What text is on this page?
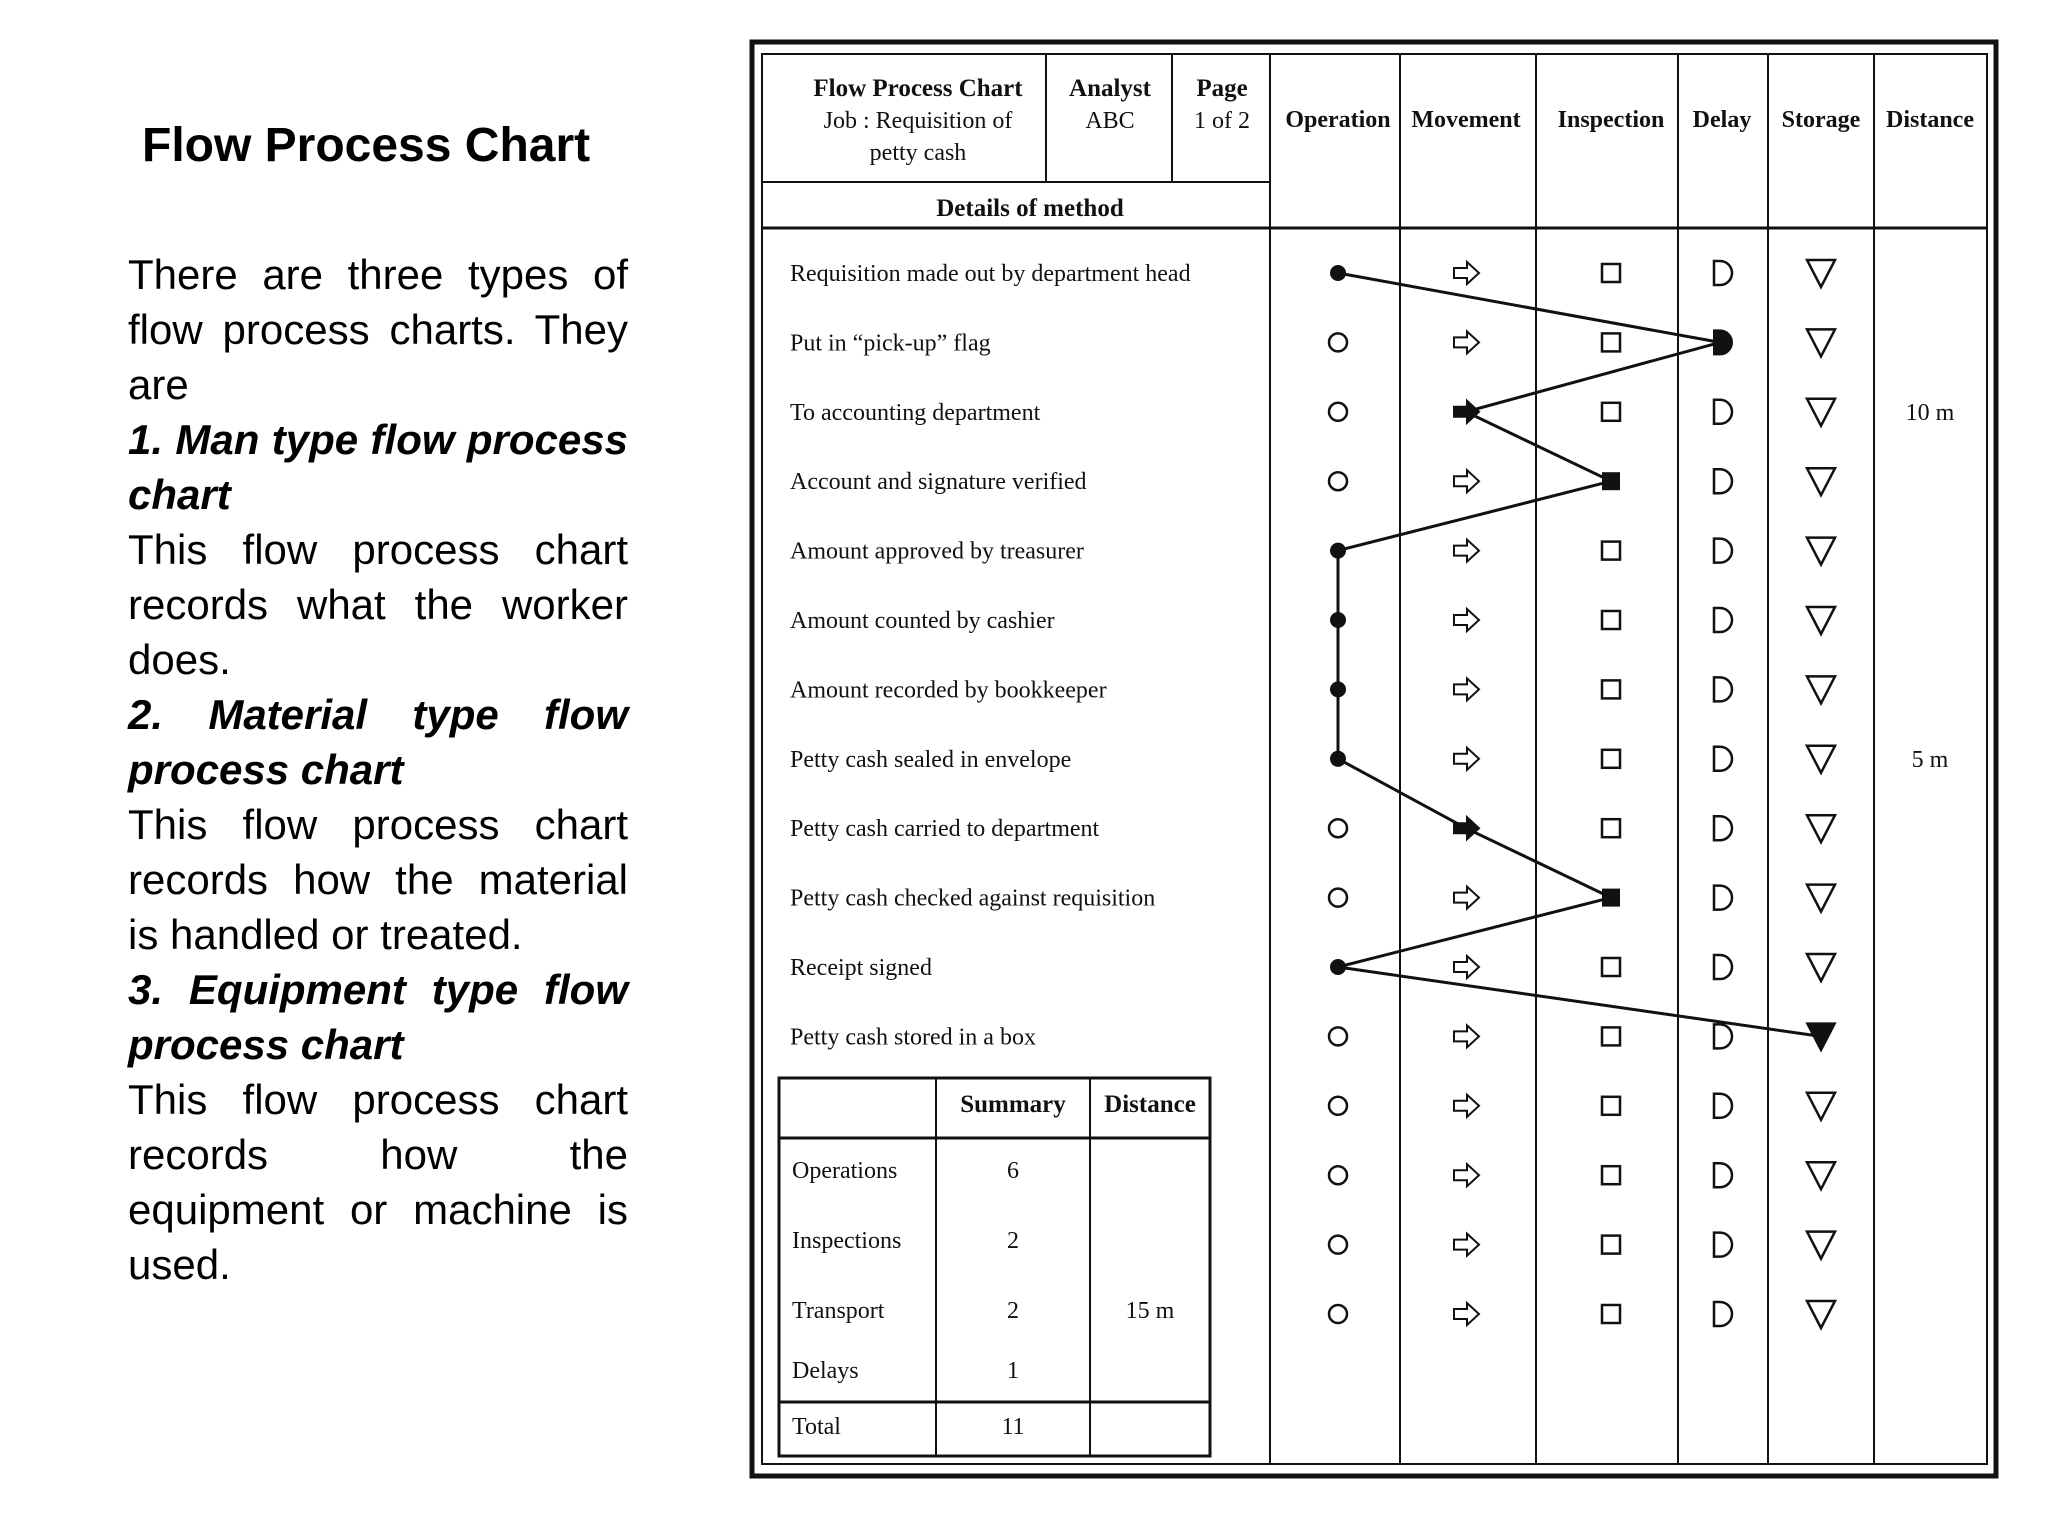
Flow Process Chart

There are three types of flow process charts. They are

1. Man type flow process chart

This flow process chart records what the worker does.

2. Material type flow process chart

This flow process chart records how the material is handled or treated.

3. Equipment type flow process chart

This flow process chart records how the equipment or machine is used.

Flow Process Chart
Job : Requisition of
petty cash
Analyst
ABC
Page
1 of 2
Details of method
Operation Movement Inspection Delay Storage Distance
Requisition made out by department head
Put in “pick-up” flag
To accounting department	10 m
Account and signature verified
Amount approved by treasurer
Amount counted by cashier
Amount recorded by bookkeeper
Petty cash sealed in envelope	5 m
Petty cash carried to department
Petty cash checked against requisition
Receipt signed
Petty cash stored in a box
Summary Distance
Operations	6
Inspections	2
Transport	2	15 m
Delays	1
Total	11
